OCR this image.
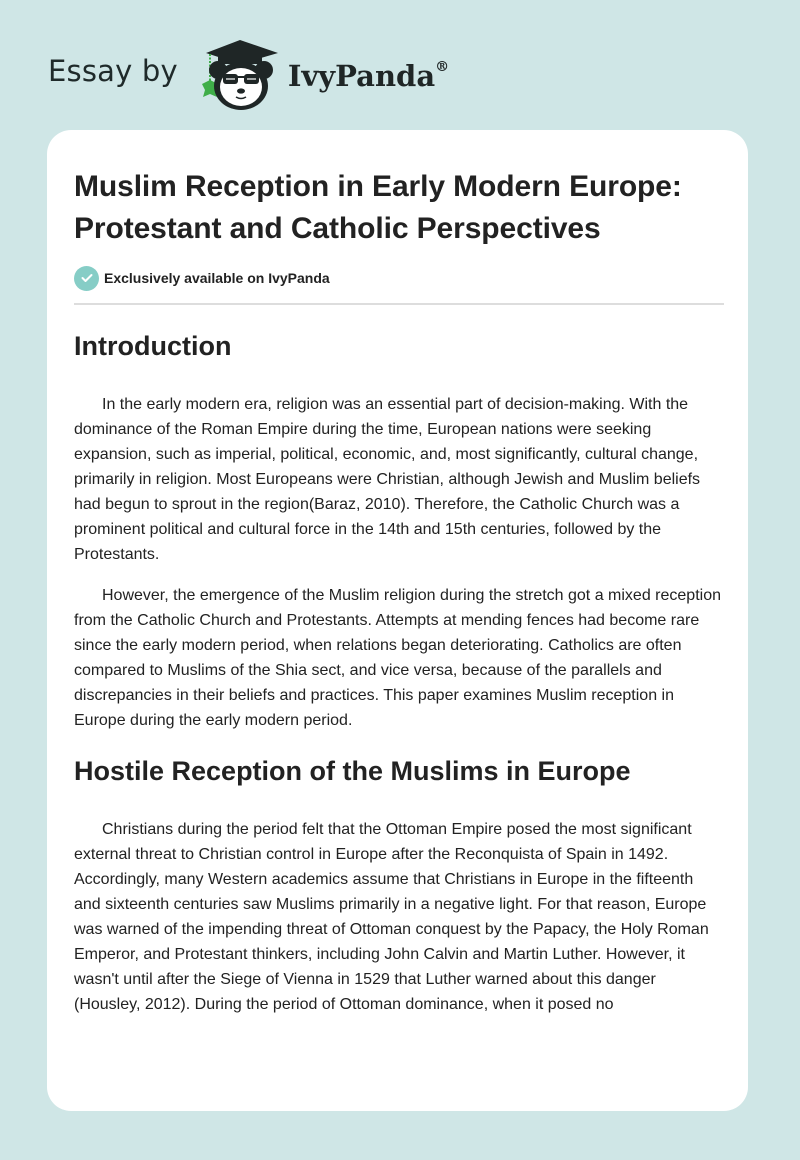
Essay by	IvyPanda®
Muslim Reception in Early Modern Europe: Protestant and Catholic Perspectives
Exclusively available on IvyPanda
Introduction

In the early modern era, religion was an essential part of decision-making. With the dominance of the Roman Empire during the time, European nations were seeking expansion, such as imperial, political, economic, and, most significantly, cultural change, primarily in religion. Most Europeans were Christian, although Jewish and Muslim beliefs had begun to sprout in the region(Baraz, 2010). Therefore, the Catholic Church was a prominent political and cultural force in the 14th and 15th centuries, followed by the Protestants.

However, the emergence of the Muslim religion during the stretch got a mixed reception from the Catholic Church and Protestants. Attempts at mending fences had become rare since the early modern period, when relations began deteriorating. Catholics are often compared to Muslims of the Shia sect, and vice versa, because of the parallels and discrepancies in their beliefs and practices. This paper examines Muslim reception in Europe during the early modern period.

Hostile Reception of the Muslims in Europe

Christians during the period felt that the Ottoman Empire posed the most significant external threat to Christian control in Europe after the Reconquista of Spain in 1492. Accordingly, many Western academics assume that Christians in Europe in the fifteenth and sixteenth centuries saw Muslims primarily in a negative light. For that reason, Europe was warned of the impending threat of Ottoman conquest by the Papacy, the Holy Roman Emperor, and Protestant thinkers, including John Calvin and Martin Luther. However, it wasn't until after the Siege of Vienna in 1529 that Luther warned about this danger (Housley, 2012). During the period of Ottoman dominance, when it posed no
